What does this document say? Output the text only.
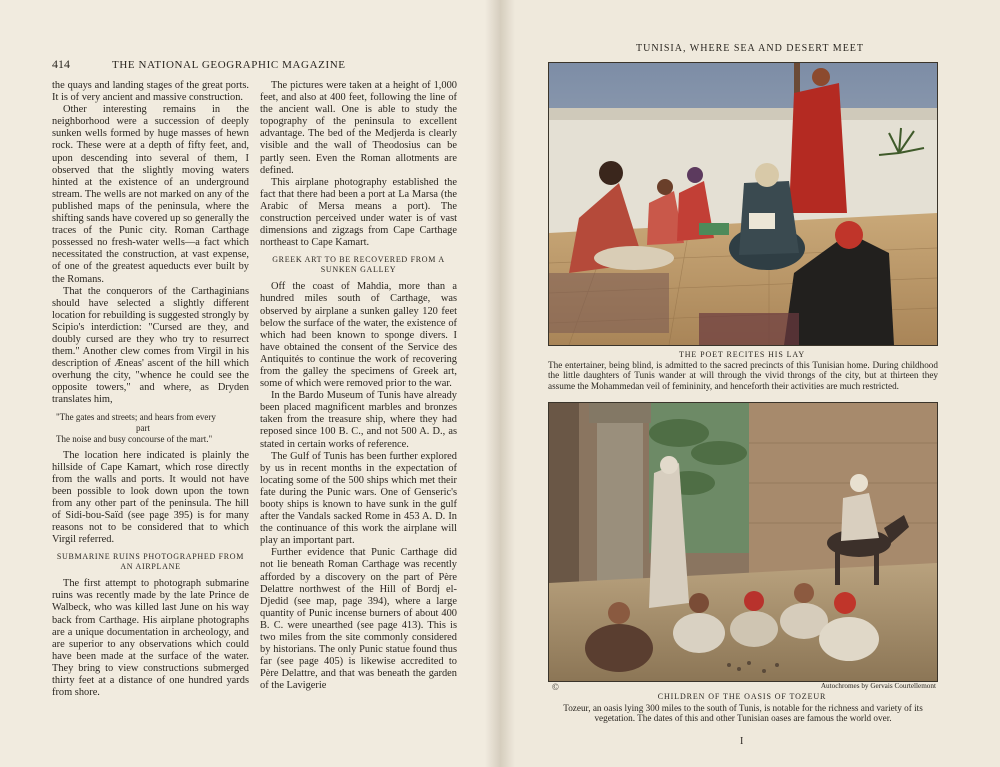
414	THE NATIONAL GEOGRAPHIC MAGAZINE

the quays and landing stages of the great ports. It is of very ancient and massive construction.

Other interesting remains in the neighborhood were a succession of deeply sunken wells formed by huge masses of hewn rock. These were at a depth of fifty feet, and, upon descending into several of them, I observed that the slightly moving waters hinted at the existence of an underground stream. The wells are not marked on any of the published maps of the peninsula, where the shifting sands have covered up so generally the traces of the Punic city. Roman Carthage possessed no fresh-water wells—a fact which necessitated the construction, at vast expense, of one of the greatest aqueducts ever built by the Romans.

That the conquerors of the Carthaginians should have selected a slightly different location for rebuilding is suggested strongly by Scipio's interdiction: "Cursed are they, and doubly cursed are they who try to resurrect them." Another clew comes from Virgil in his description of Æneas' ascent of the hill which overhung the city, "whence he could see the opposite towers," and where, as Dryden translates him,

"The gates and streets; and hears from every
part
The noise and busy concourse of the mart."

The location here indicated is plainly the hillside of Cape Kamart, which rose directly from the walls and ports. It would not have been possible to look down upon the town from any other part of the peninsula. The hill of Sidi-bou-Saïd (see page 395) is for many reasons not to be considered that to which Virgil referred.

SUBMARINE RUINS PHOTOGRAPHED FROM AN AIRPLANE

The first attempt to photograph submarine ruins was recently made by the late Prince de Walbeck, who was killed last June on his way back from Carthage. His airplane photographs are a unique documentation in archeology, and are superior to any observations which could have been made at the surface of the water. They bring to view constructions submerged thirty feet at a distance of one hundred yards from shore.

The pictures were taken at a height of 1,000 feet, and also at 400 feet, following the line of the ancient wall. One is able to study the topography of the peninsula to excellent advantage. The bed of the Medjerda is clearly visible and the wall of Theodosius can be partly seen. Even the Roman allotments are defined.

This airplane photography established the fact that there had been a port at La Marsa (the Arabic of Mersa means a port). The construction perceived under water is of vast dimensions and zigzags from Cape Carthage northeast to Cape Kamart.

GREEK ART TO BE RECOVERED FROM A SUNKEN GALLEY

Off the coast of Mahdia, more than a hundred miles south of Carthage, was observed by airplane a sunken galley 120 feet below the surface of the water, the existence of which had been known to sponge divers. I have obtained the consent of the Service des Antiquités to continue the work of recovering from the galley the specimens of Greek art, some of which were removed prior to the war.

In the Bardo Museum of Tunis have already been placed magnificent marbles and bronzes taken from the treasure ship, where they had reposed since 100 B. C., and not 500 A. D., as stated in certain works of reference.

The Gulf of Tunis has been further explored by us in recent months in the expectation of locating some of the 500 ships which met their fate during the Punic wars. One of Genseric's booty ships is known to have sunk in the gulf after the Vandals sacked Rome in 453 A. D. In the continuance of this work the airplane will play an important part.

Further evidence that Punic Carthage did not lie beneath Roman Carthage was recently afforded by a discovery on the part of Père Delattre northwest of the Hill of Bordj el-Djedid (see map, page 394), where a large quantity of Punic incense burners of about 400 B. C. were unearthed (see page 413). This is two miles from the site commonly considered by historians. The only Punic statue found thus far (see page 405) is likewise accredited to Père Delattre, and that was beneath the garden of the Lavigerie

TUNISIA, WHERE SEA AND DESERT MEET
I
THE POET RECITES HIS LAY
The entertainer, being blind, is admitted to the sacred precincts of this Tunisian home. During childhood the little daughters of Tunis wander at will through the vivid throngs of the city, but at thirteen they assume the Mohammedan veil of femininity, and henceforth their activities are much restricted.
©	Autochromes by Gervais Courtellemont
CHILDREN OF THE OASIS OF TOZEUR
Tozeur, an oasis lying 300 miles to the south of Tunis, is notable for the richness and variety of its vegetation. The dates of this and other Tunisian oases are famous the world over.
